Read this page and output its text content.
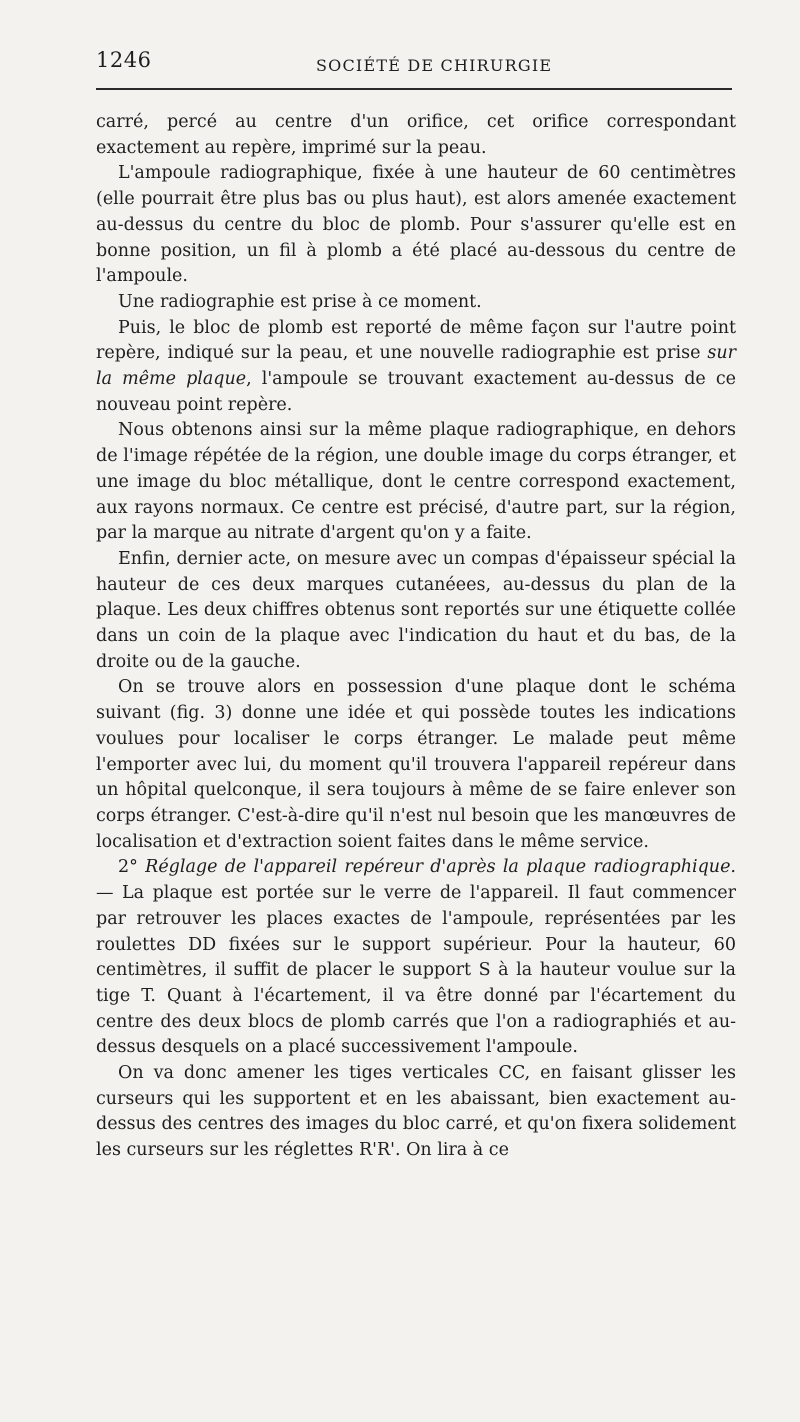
1246	SOCIÉTÉ DE CHIRURGIE

carré, percé au centre d'un orifice, cet orifice correspondant exactement au repère, imprimé sur la peau.

L'ampoule radiographique, fixée à une hauteur de 60 centimètres (elle pourrait être plus bas ou plus haut), est alors amenée exactement au-dessus du centre du bloc de plomb. Pour s'assurer qu'elle est en bonne position, un fil à plomb a été placé au-dessous du centre de l'ampoule.

Une radiographie est prise à ce moment.

Puis, le bloc de plomb est reporté de même façon sur l'autre point repère, indiqué sur la peau, et une nouvelle radiographie est prise sur la même plaque, l'ampoule se trouvant exactement au-dessus de ce nouveau point repère.

Nous obtenons ainsi sur la même plaque radiographique, en dehors de l'image répétée de la région, une double image du corps étranger, et une image du bloc métallique, dont le centre correspond exactement, aux rayons normaux. Ce centre est précisé, d'autre part, sur la région, par la marque au nitrate d'argent qu'on y a faite.

Enfin, dernier acte, on mesure avec un compas d'épaisseur spécial la hauteur de ces deux marques cutanéees, au-dessus du plan de la plaque. Les deux chiffres obtenus sont reportés sur une étiquette collée dans un coin de la plaque avec l'indication du haut et du bas, de la droite ou de la gauche.

On se trouve alors en possession d'une plaque dont le schéma suivant (fig. 3) donne une idée et qui possède toutes les indications voulues pour localiser le corps étranger. Le malade peut même l'emporter avec lui, du moment qu'il trouvera l'appareil repéreur dans un hôpital quelconque, il sera toujours à même de se faire enlever son corps étranger. C'est-à-dire qu'il n'est nul besoin que les manœuvres de localisation et d'extraction soient faites dans le même service.

2° Réglage de l'appareil repéreur d'après la plaque radiographique. — La plaque est portée sur le verre de l'appareil. Il faut commencer par retrouver les places exactes de l'ampoule, représentées par les roulettes DD fixées sur le support supérieur. Pour la hauteur, 60 centimètres, il suffit de placer le support S à la hauteur voulue sur la tige T. Quant à l'écartement, il va être donné par l'écartement du centre des deux blocs de plomb carrés que l'on a radiographiés et au-dessus desquels on a placé successivement l'ampoule.

On va donc amener les tiges verticales CC, en faisant glisser les curseurs qui les supportent et en les abaissant, bien exactement au-dessus des centres des images du bloc carré, et qu'on fixera solidement les curseurs sur les réglettes R'R'. On lira à ce
